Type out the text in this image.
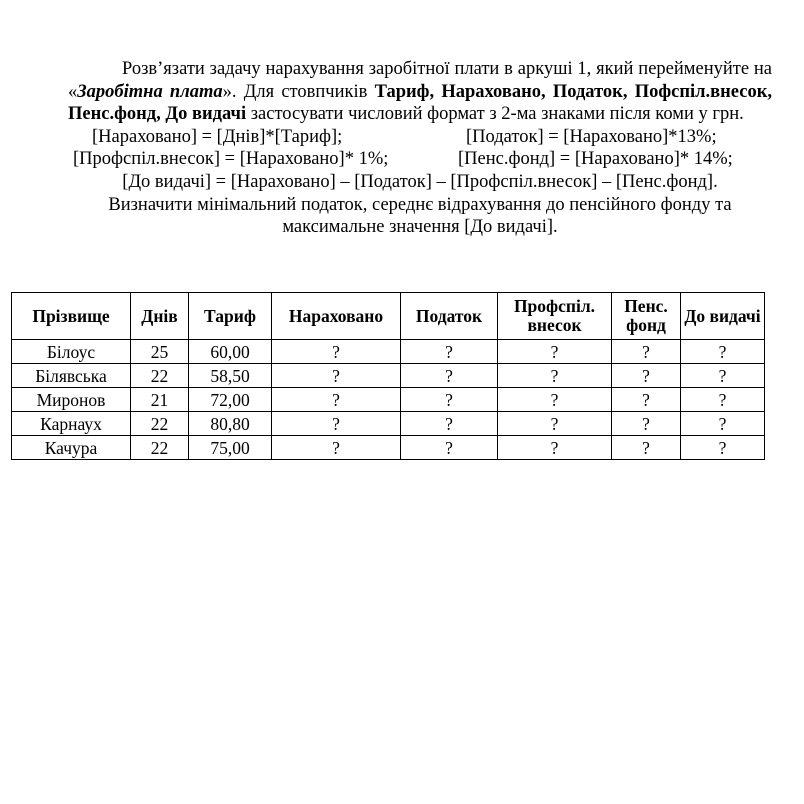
Розв’язати задачу нарахування заробітної плати в аркуші 1, який перейменуйте на «Заробітна плата». Для стовпчиків Тариф, Нараховано, Податок, Пофспіл.внесок, Пенс.фонд, До видачі застосувати числовий формат з 2-ма знаками після коми у грн.

[Нараховано] = [Днів]*[Тариф];	[Податок] = [Нараховано]*13%;
[Профспіл.внесок] = [Нараховано]* 1%;	[Пенс.фонд] = [Нараховано]* 14%;
[До видачі] = [Нараховано] – [Податок] – [Профспіл.внесок] – [Пенс.фонд].
Визначити мінімальний податок, середнє відрахування до пенсійного фонду та
максимальне значення [До видачі].
Прізвище	Днів	Тариф	Нараховано	Податок	Профспіл. внесок	Пенс. фонд	До видачі
Білоус	25	60,00	?	?	?	?	?
Білявська	22	58,50	?	?	?	?	?
Миронов	21	72,00	?	?	?	?	?
Карнаух	22	80,80	?	?	?	?	?
Качура	22	75,00	?	?	?	?	?
